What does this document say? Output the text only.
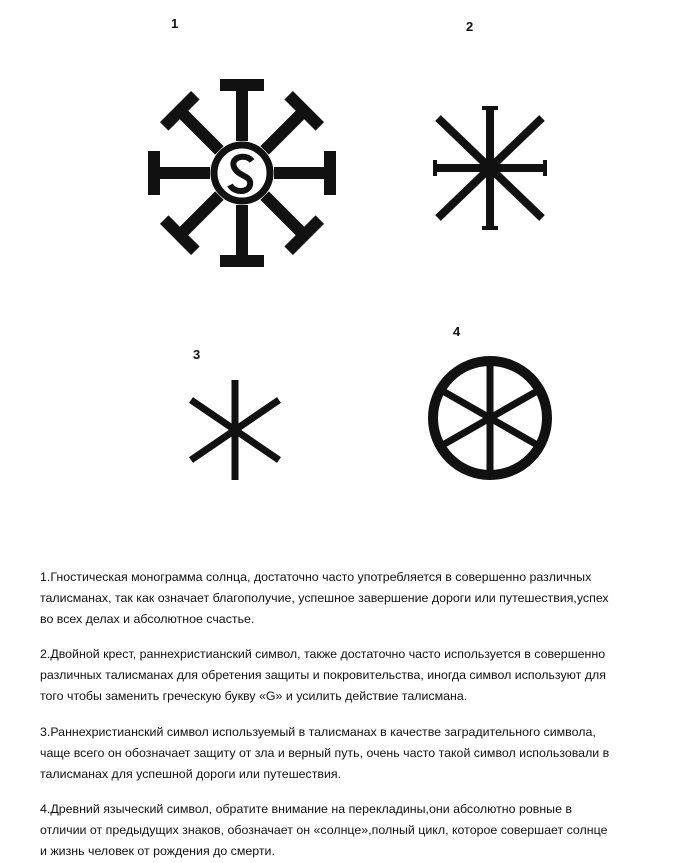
1	2
3
4
1.Гностическая монограмма солнца, достаточно часто употребляется в совершенно различных
талисманах, так как означает благополучие, успешное завершение дороги или путешествия,успех
во всех делах и абсолютное счастье.
2.Двойной крест, раннехристианский символ, также достаточно часто используется в совершенно
различных талисманах для обретения защиты и покровительства, иногда символ используют для
того чтобы заменить греческую букву «G» и усилить действие талисмана.
3.Раннехристианский символ используемый в талисманах в качестве заградительного символа,
чаще всего он обозначает защиту от зла и верный путь, очень часто такой символ использовали в
талисманах для успешной дороги или путешествия.
4.Древний языческий символ, обратите внимание на перекладины,они абсолютно ровные в
отличии от предыдущих знаков, обозначает он «солнце»,полный цикл, которое совершает солнце
и жизнь человек от рождения до смерти.
